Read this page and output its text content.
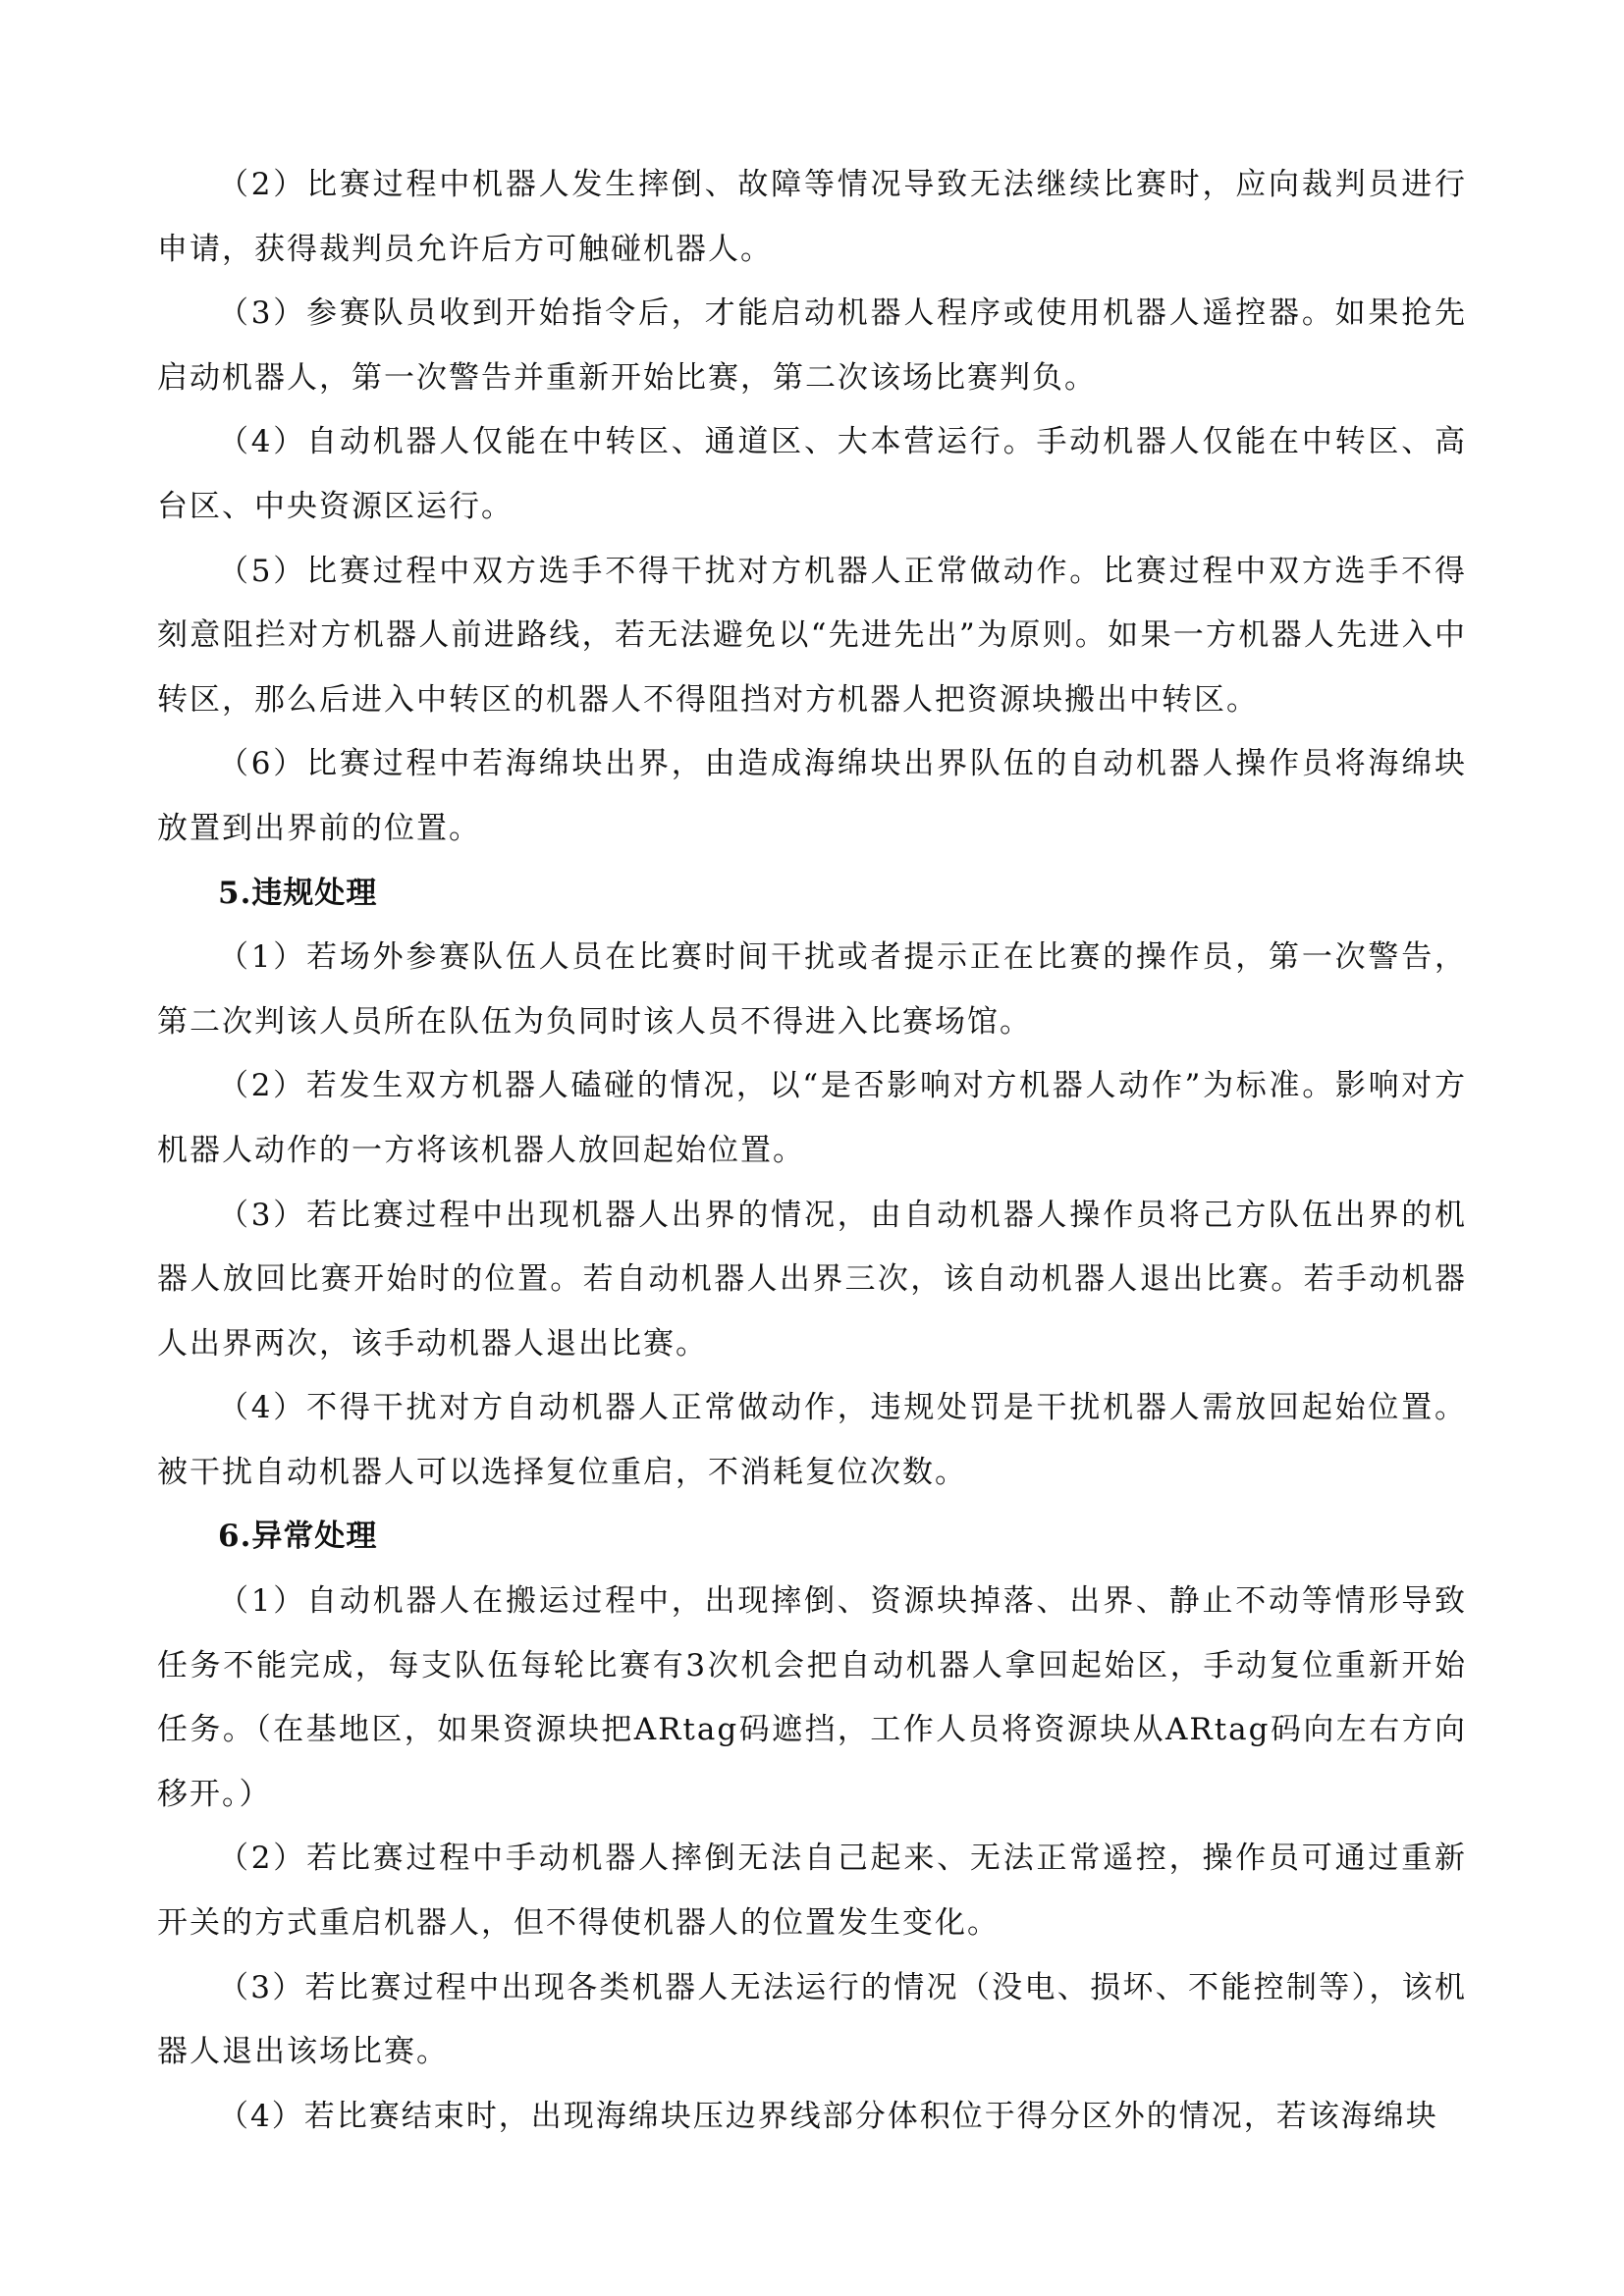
（2）比赛过程中机器人发生摔倒、故障等情况导致无法继续比赛时，应向裁判员进行申请，获得裁判员允许后方可触碰机器人。

（3）参赛队员收到开始指令后，才能启动机器人程序或使用机器人遥控器。如果抢先启动机器人，第一次警告并重新开始比赛，第二次该场比赛判负。

（4）自动机器人仅能在中转区、通道区、大本营运行。手动机器人仅能在中转区、高台区、中央资源区运行。

（5）比赛过程中双方选手不得干扰对方机器人正常做动作。比赛过程中双方选手不得刻意阻拦对方机器人前进路线，若无法避免以“先进先出”为原则。如果一方机器人先进入中转区，那么后进入中转区的机器人不得阻挡对方机器人把资源块搬出中转区。

（6）比赛过程中若海绵块出界，由造成海绵块出界队伍的自动机器人操作员将海绵块放置到出界前的位置。

5.违规处理

（1）若场外参赛队伍人员在比赛时间干扰或者提示正在比赛的操作员，第一次警告，第二次判该人员所在队伍为负同时该人员不得进入比赛场馆。

（2）若发生双方机器人磕碰的情况，以“是否影响对方机器人动作”为标准。影响对方机器人动作的一方将该机器人放回起始位置。

（3）若比赛过程中出现机器人出界的情况，由自动机器人操作员将己方队伍出界的机器人放回比赛开始时的位置。若自动机器人出界三次，该自动机器人退出比赛。若手动机器人出界两次，该手动机器人退出比赛。

（4）不得干扰对方自动机器人正常做动作，违规处罚是干扰机器人需放回起始位置。被干扰自动机器人可以选择复位重启，不消耗复位次数。

6.异常处理

（1）自动机器人在搬运过程中，出现摔倒、资源块掉落、出界、静止不动等情形导致任务不能完成，每支队伍每轮比赛有3次机会把自动机器人拿回起始区，手动复位重新开始任务。（在基地区，如果资源块把ARtag码遮挡，工作人员将资源块从ARtag码向左右方向移开。）

（2）若比赛过程中手动机器人摔倒无法自己起来、无法正常遥控，操作员可通过重新开关的方式重启机器人，但不得使机器人的位置发生变化。

（3）若比赛过程中出现各类机器人无法运行的情况（没电、损坏、不能控制等），该机器人退出该场比赛。

（4）若比赛结束时，出现海绵块压边界线部分体积位于得分区外的情况，若该海绵块
